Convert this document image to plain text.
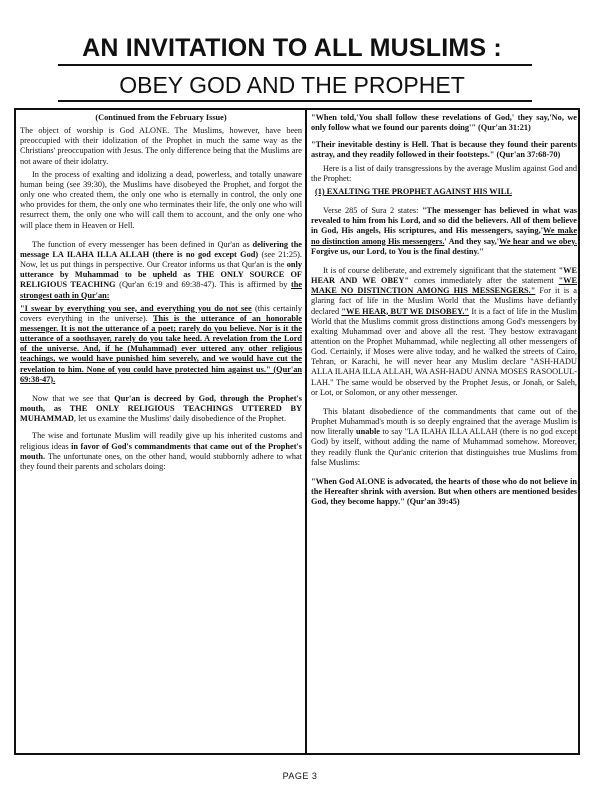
AN INVITATION TO ALL MUSLIMS :
OBEY GOD AND THE PROPHET

(Continued from the February Issue)

The object of worship is God ALONE. The Muslims, however, have been preoccupied with their idolization of the Prophet in much the same way as the Christians' preoccupation with Jesus. The only difference being that the Muslims are not aware of their idolatry.

In the process of exalting and idolizing a dead, powerless, and totally unaware human being (see 39:30), the Muslims have disobeyed the Prophet, and forgot the only one who created them, the only one who is eternally in control, the only one who provides for them, the only one who terminates their life, the only one who will resurrect them, the only one who will call them to account, and the only one who will place them in Heaven or Hell.

The function of every messenger has been defined in Qur'an as delivering the message LA ILAHA ILLA ALLAH (there is no god except God) (see 21:25). Now, let us put things in perspective. Our Creator informs us that Qur'an is the only utterance by Muhammad to be upheld as THE ONLY SOURCE OF RELIGIOUS TEACHING (Qur'an 6:19 and 69:38-47). This is affirmed by the strongest oath in Qur'an:

"I swear by everything you see, and everything you do not see (this certainly covers everything in the universe). This is the utterance of an honorable messenger. It is not the utterance of a poet; rarely do you believe. Nor is it the utterance of a soothsayer, rarely do you take heed. A revelation from the Lord of the universe. And, if he (Muhammad) ever uttered any other religious teachings, we would have punished him severely, and we would have cut the revelation to him. None of you could have protected him against us." (Qur'an 69:38-47).

Now that we see that Qur'an is decreed by God, through the Prophet's mouth, as THE ONLY RELIGIOUS TEACHINGS UTTERED BY MUHAMMAD, let us examine the Muslims' daily disobedience of the Prophet.

The wise and fortunate Muslim will readily give up his inherited customs and religious ideas in favor of God's commandments that came out of the Prophet's mouth. The unfortunate ones, on the other hand, would stubbornly adhere to what they found their parents and scholars doing:

"When told,'You shall follow these revelations of God,' they say,'No, we only follow what we found our parents doing'" (Qur'an 31:21)

"Their inevitable destiny is Hell. That is because they found their parents astray, and they readily followed in their footsteps." (Qur'an 37:68-70)

Here is a list of daily transgressions by the average Muslim against God and the Prophet:

(1) EXALTING THE PROPHET AGAINST HIS WILL

Verse 285 of Sura 2 states: "The messenger has believed in what was revealed to him from his Lord, and so did the believers. All of them believe in God, His angels, His scriptures, and His messengers, saying,'We make no distinction among His messengers.' And they say,'We hear and we obey. Forgive us, our Lord, to You is the final destiny."

It is of course deliberate, and extremely significant that the statement "WE HEAR AND WE OBEY" comes immediately after the statement "WE MAKE NO DISTINCTION AMONG HIS MESSENGERS." For it is a glaring fact of life in the Muslim World that the Muslims have defiantly declared "WE HEAR, BUT WE DISOBEY." It is a fact of life in the Muslim World that the Muslims commit gross distinctions among God's messengers by exalting Muhammad over and above all the rest. They bestow extravagant attention on the Prophet Muhammad, while neglecting all other messengers of God. Certainly, if Moses were alive today, and he walked the streets of Cairo, Tehran, or Karachi, he will never hear any Muslim declare "ASH-HADU ALLA ILAHA ILLA ALLAH, WA ASH-HADU ANNA MOSES RASOOLUL-LAH." The same would be observed by the Prophet Jesus, or Jonah, or Saleh, or Lot, or Solomon, or any other messenger.

This blatant disobedience of the commandments that came out of the Prophet Muhammad's mouth is so deeply engrained that the average Muslim is now literally unable to say "LA ILAHA ILLA ALLAH (there is no god except God) by itself, without adding the name of Muhammad somehow. Moreover, they readily flunk the Qur'anic criterion that distinguishes true Muslims from false Muslims:

"When God ALONE is advocated, the hearts of those who do not believe in the Hereafter shrink with aversion. But when others are mentioned besides God, they become happy." (Qur'an 39:45)

PAGE 3
